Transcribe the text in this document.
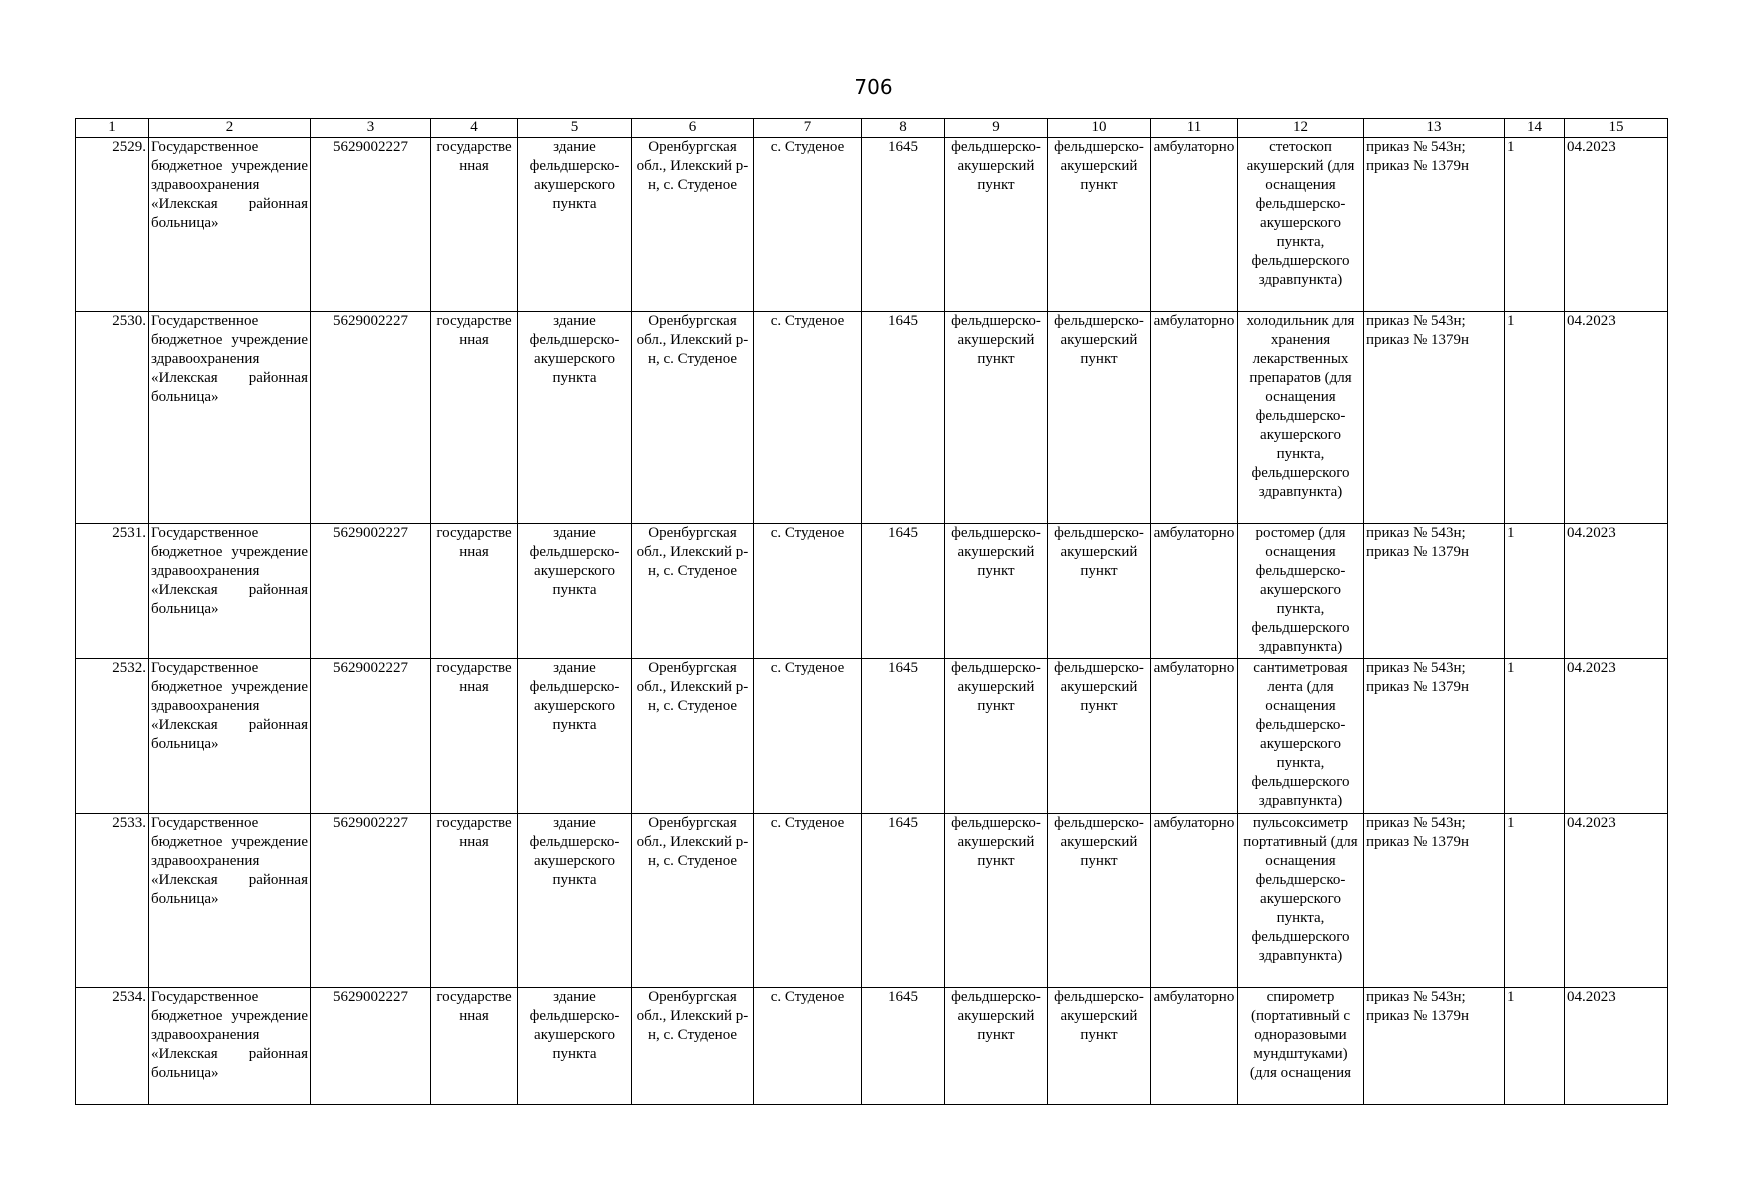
706
1	2	3	4	5	6	7	8	9	10	11	12	13	14	15
2529.	Государственное бюджетное учреждение здравоохранения «Илекская районная больница»	5629002227	государственная	здание фельдшерско-акушерского пункта	Оренбургская обл., Илекский р-н, с. Студеное	с. Студеное	1645	фельдшерско-акушерский пункт	фельдшерско-акушерский пункт	амбулаторно	стетоскоп акушерский (для оснащения фельдшерско-акушерского пункта, фельдшерского здравпункта)	приказ № 543н; приказ № 1379н	1	04.2023
2530.	Государственное бюджетное учреждение здравоохранения «Илекская районная больница»	5629002227	государственная	здание фельдшерско-акушерского пункта	Оренбургская обл., Илекский р-н, с. Студеное	с. Студеное	1645	фельдшерско-акушерский пункт	фельдшерско-акушерский пункт	амбулаторно	холодильник для хранения лекарственных препаратов (для оснащения фельдшерско-акушерского пункта, фельдшерского здравпункта)	приказ № 543н; приказ № 1379н	1	04.2023
2531.	Государственное бюджетное учреждение здравоохранения «Илекская районная больница»	5629002227	государственная	здание фельдшерско-акушерского пункта	Оренбургская обл., Илекский р-н, с. Студеное	с. Студеное	1645	фельдшерско-акушерский пункт	фельдшерско-акушерский пункт	амбулаторно	ростомер (для оснащения фельдшерско-акушерского пункта, фельдшерского здравпункта)	приказ № 543н; приказ № 1379н	1	04.2023
2532.	Государственное бюджетное учреждение здравоохранения «Илекская районная больница»	5629002227	государственная	здание фельдшерско-акушерского пункта	Оренбургская обл., Илекский р-н, с. Студеное	с. Студеное	1645	фельдшерско-акушерский пункт	фельдшерско-акушерский пункт	амбулаторно	сантиметровая лента (для оснащения фельдшерско-акушерского пункта, фельдшерского здравпункта)	приказ № 543н; приказ № 1379н	1	04.2023
2533.	Государственное бюджетное учреждение здравоохранения «Илекская районная больница»	5629002227	государственная	здание фельдшерско-акушерского пункта	Оренбургская обл., Илекский р-н, с. Студеное	с. Студеное	1645	фельдшерско-акушерский пункт	фельдшерско-акушерский пункт	амбулаторно	пульсоксиметр портативный (для оснащения фельдшерско-акушерского пункта, фельдшерского здравпункта)	приказ № 543н; приказ № 1379н	1	04.2023
2534.	Государственное бюджетное учреждение здравоохранения «Илекская районная больница»	5629002227	государственная	здание фельдшерско-акушерского пункта	Оренбургская обл., Илекский р-н, с. Студеное	с. Студеное	1645	фельдшерско-акушерский пункт	фельдшерско-акушерский пункт	амбулаторно	спирометр (портативный с одноразовыми мундштуками) (для оснащения	приказ № 543н; приказ № 1379н	1	04.2023
